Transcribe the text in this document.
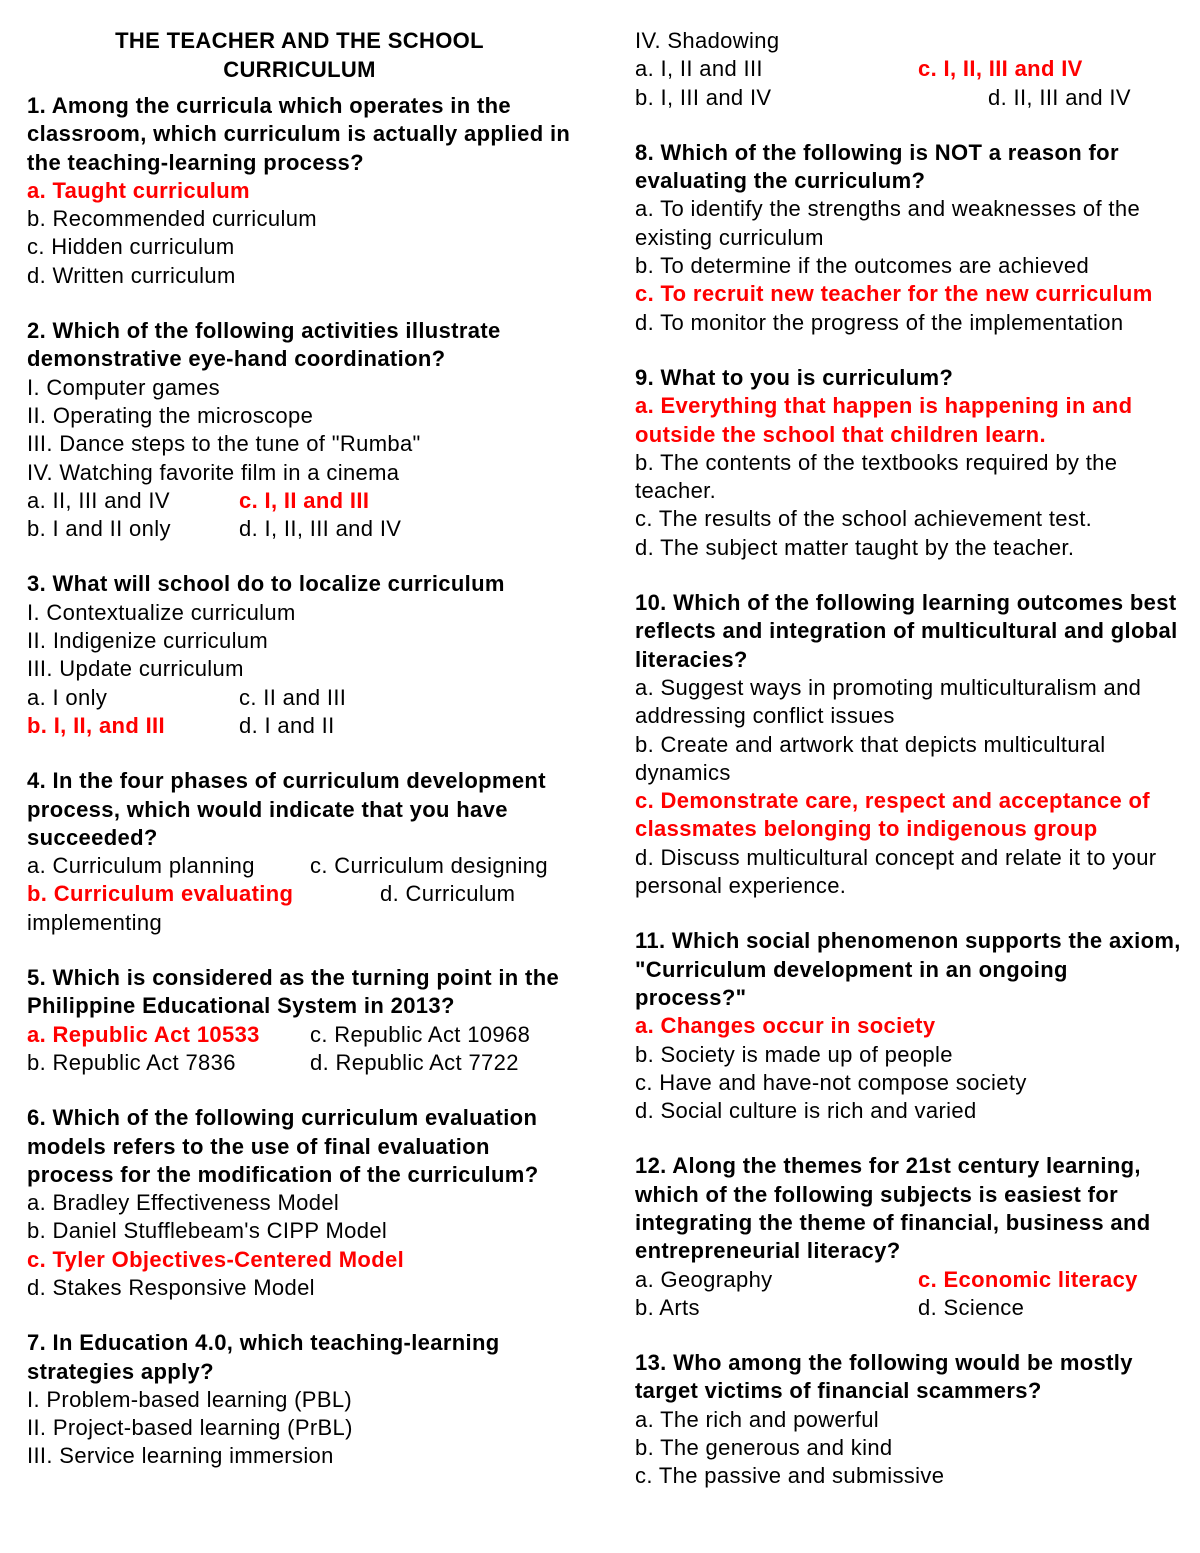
THE TEACHER AND THE SCHOOL
CURRICULUM
1. Among the curricula which operates in the classroom, which curriculum is actually applied in the teaching-learning process?
a. Taught curriculum
b. Recommended curriculum
c. Hidden curriculum
d. Written curriculum
2. Which of the following activities illustrate demonstrative eye-hand coordination?
I. Computer games
II. Operating the microscope
III. Dance steps to the tune of "Rumba"
IV. Watching favorite film in a cinema
a. II, III and IV	c. I, II and III
b. I and II only	d. I, II, III and IV
3. What will school do to localize curriculum
I. Contextualize curriculum
II. Indigenize curriculum
III. Update curriculum
a. I only	c. II and III
b. I, II, and III	d. I and II
4. In the four phases of curriculum development process, which would indicate that you have succeeded?
a. Curriculum planning	c. Curriculum designing
b. Curriculum evaluating	d. Curriculum implementing
5. Which is considered as the turning point in the Philippine Educational System in 2013?
a. Republic Act 10533	c. Republic Act 10968
b. Republic Act 7836	d. Republic Act 7722
6. Which of the following curriculum evaluation models refers to the use of final evaluation process for the modification of the curriculum?
a. Bradley Effectiveness Model
b. Daniel Stufflebeam's CIPP Model
c. Tyler Objectives-Centered Model
d. Stakes Responsive Model
7. In Education 4.0, which teaching-learning strategies apply?
I. Problem-based learning (PBL)
II. Project-based learning (PrBL)
III. Service learning immersion
IV. Shadowing
a. I, II and III	c. I, II, III and IV
b. I, III and IV	d. II, III and IV
8. Which of the following is NOT a reason for evaluating the curriculum?
a. To identify the strengths and weaknesses of the existing curriculum
b. To determine if the outcomes are achieved
c. To recruit new teacher for the new curriculum
d. To monitor the progress of the implementation
9. What to you is curriculum?
a. Everything that happen is happening in and outside the school that children learn.
b. The contents of the textbooks required by the teacher.
c. The results of the school achievement test.
d. The subject matter taught by the teacher.
10. Which of the following learning outcomes best reflects and integration of multicultural and global literacies?
a. Suggest ways in promoting multiculturalism and addressing conflict issues
b. Create and artwork that depicts multicultural dynamics
c. Demonstrate care, respect and acceptance of classmates belonging to indigenous group
d. Discuss multicultural concept and relate it to your personal experience.
11. Which social phenomenon supports the axiom, "Curriculum development in an ongoing process?"
a. Changes occur in society
b. Society is made up of people
c. Have and have-not compose society
d. Social culture is rich and varied
12. Along the themes for 21st century learning, which of the following subjects is easiest for integrating the theme of financial, business and entrepreneurial literacy?
a. Geography	c. Economic literacy
b. Arts	d. Science
13. Who among the following would be mostly target victims of financial scammers?
a. The rich and powerful
b. The generous and kind
c. The passive and submissive
